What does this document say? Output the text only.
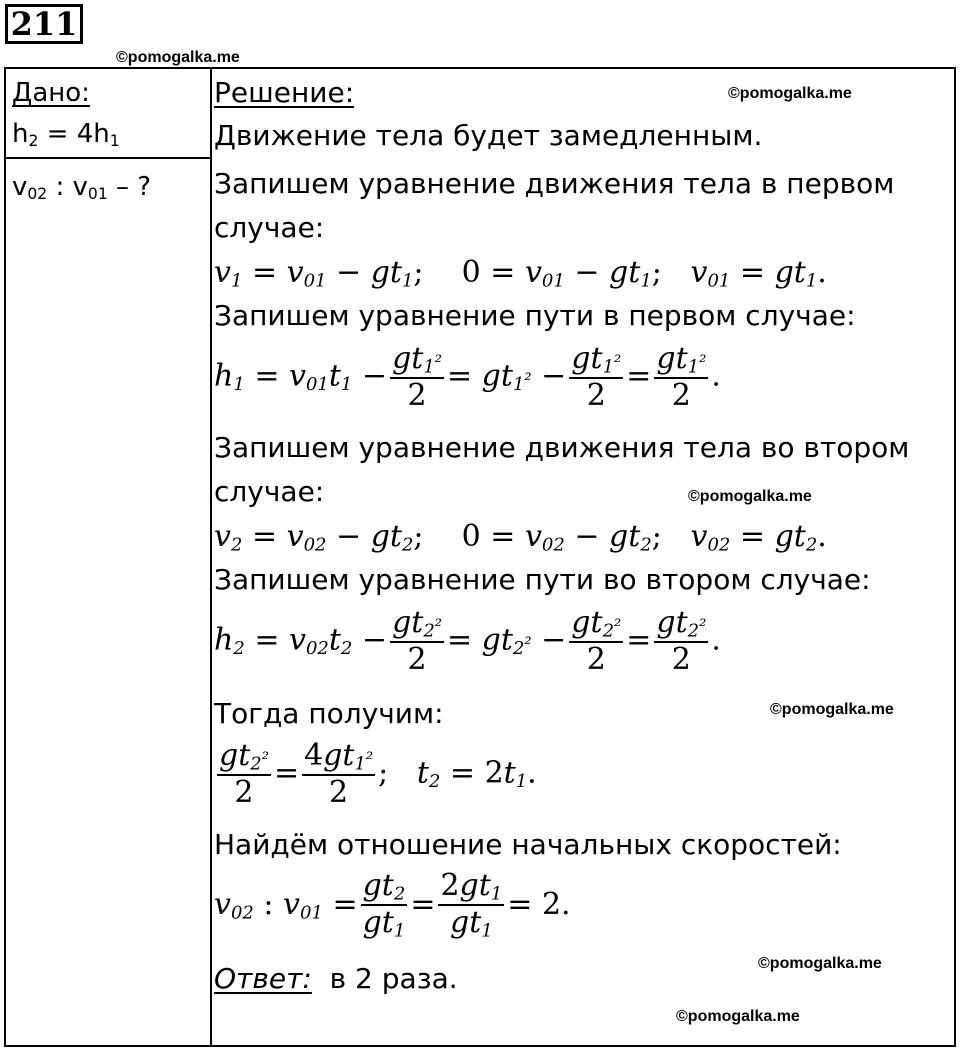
211
©pomogalka.me
Дано:
$h_2 = 4h_1$
$v_{02}$ : $v_{01}$ – ?
Решение:	©pomogalka.me
Движение тела будет замедленным.
Запишем уравнение движения тела в первом
случае:
$v_1 = v_{01} - gt_1$;    $0 = v_{01} - gt_1$;   $v_{01} = gt_1$.
Запишем уравнение пути в первом случае:
$h_1 = v_{01}t_1 - \frac{gt_1^2}{2} = gt_1^2 - \frac{gt_1^2}{2} = \frac{gt_1^2}{2}$ .
Запишем уравнение движения тела во втором
случае:	©pomogalka.me
$v_2 = v_{02} - gt_2$;    $0 = v_{02} - gt_2$;   $v_{02} = gt_2$.
Запишем уравнение пути во втором случае:
$h_2 = v_{02}t_2 - \frac{gt_2^2}{2} = gt_2^2 - \frac{gt_2^2}{2} = \frac{gt_2^2}{2}$ .
Тогда получим:	©pomogalka.me
$\frac{gt_2^2}{2} = \frac{4gt_1^2}{2}$ ;   $t_2 = 2t_1$.
Найдём отношение начальных скоростей:
$v_{02}$ : $v_{01} = \frac{gt_2}{gt_1} = \frac{2gt_1}{gt_1} = 2$.
©pomogalka.me
Ответ: в 2 раза.
©pomogalka.me
